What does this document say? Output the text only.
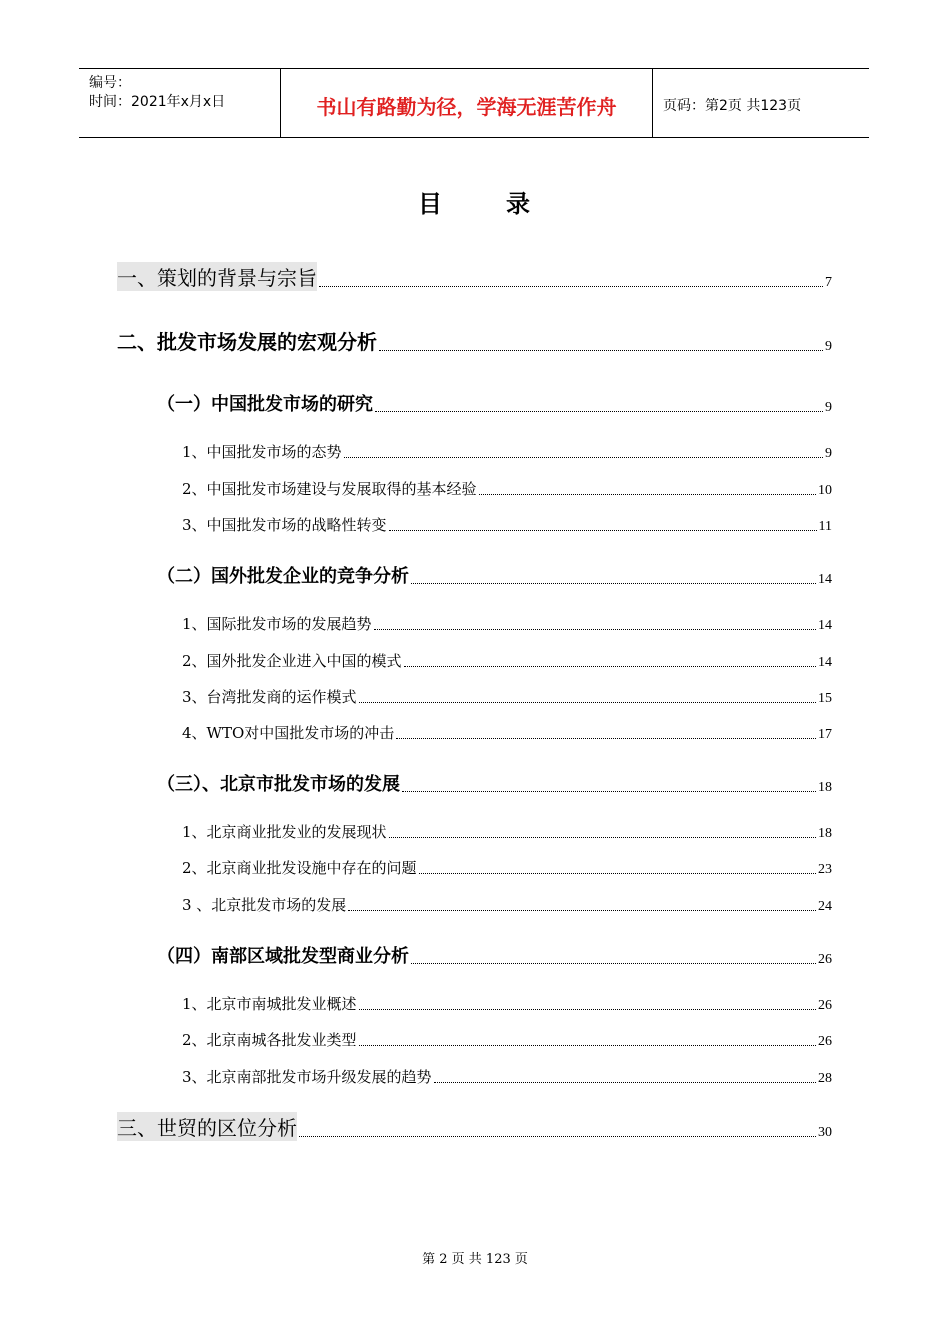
编号：
时间：2021年x月x日	书山有路勤为径，学海无涯苦作舟	页码：第2页 共123页
目	录
一、策划的背景与宗旨	7
二、批发市场发展的宏观分析	9
（一）中国批发市场的研究	9
1、中国批发市场的态势	9
2、中国批发市场建设与发展取得的基本经验	10
3、中国批发市场的战略性转变	11
（二）国外批发企业的竞争分析	14
1、国际批发市场的发展趋势	14
2、国外批发企业进入中国的模式	14
3、台湾批发商的运作模式	15
4、WTO对中国批发市场的冲击	17
（三）、北京市批发市场的发展	18
1、北京商业批发业的发展现状	18
2、北京商业批发设施中存在的问题	23
3 、北京批发市场的发展	24
（四）南部区域批发型商业分析	26
1、北京市南城批发业概述	26
2、北京南城各批发业类型	26
3、北京南部批发市场升级发展的趋势	28
三、世贸的区位分析	30
第 2 页 共 123 页
